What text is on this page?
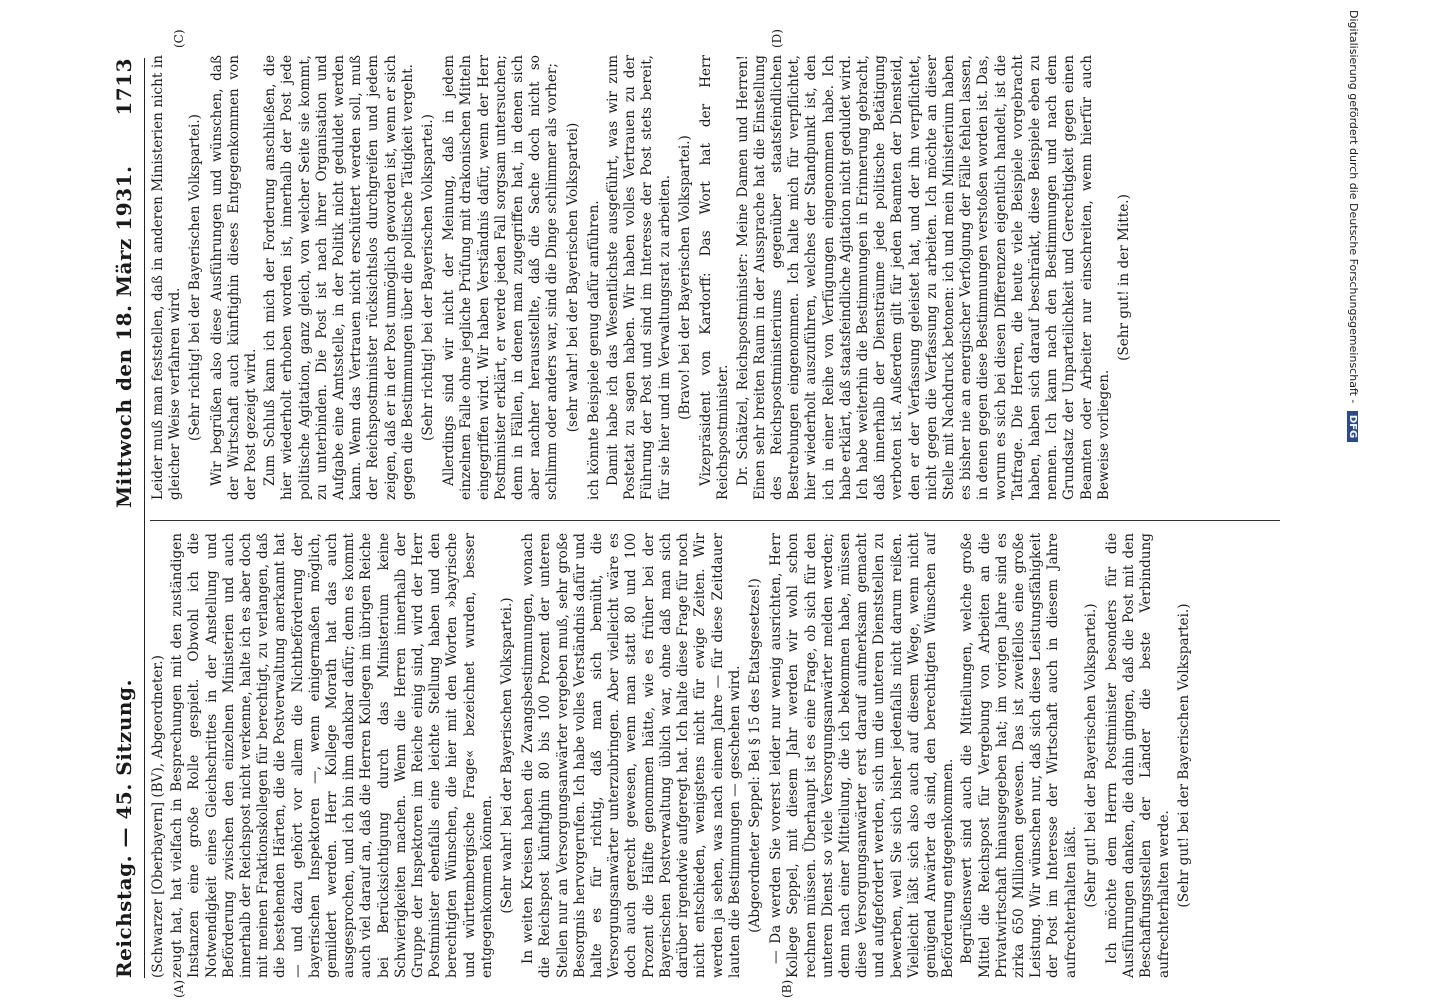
Reichstag. — 45. Sitzung.
Mittwoch den 18. März 1931.
1713
(A)	(B)
(C)	(D)

(Schwarzer [Oberbayern] (BV), Abgeordneter.) zeugt hat, hat vielfach in Besprechungen mit den zuständigen Instanzen eine große Rolle gespielt. Obwohl ich die Notwendigkeit eines Gleichschrittes in der Anstellung und Beförderung zwischen den einzelnen Ministerien und auch innerhalb der Reichspost nicht verkenne, halte ich es aber doch mit meinen Fraktionskollegen für berechtigt, zu verlangen, daß die bestehenden Härten, die die Postverwaltung anerkannt hat — und dazu gehört vor allem die Nichtbeförderung der bayerischen Inspektoren —, wenn einigermaßen möglich, gemildert werden. Herr Kollege Morath hat das auch ausgesprochen, und ich bin ihm dankbar dafür; denn es kommt auch viel darauf an, daß die Herren Kollegen im übrigen Reiche bei Berücksichtigung durch das Ministerium keine Schwierigkeiten machen. Wenn die Herren innerhalb der Gruppe der Inspektoren im Reiche einig sind, wird der Herr Postminister ebenfalls eine leichte Stellung haben und den berechtigten Wünschen, die hier mit den Worten »bayrische und württembergische Frage« bezeichnet wurden, besser entgegenkommen können. (Sehr wahr! bei der Bayerischen Volkspartei.) In weiten Kreisen haben die Zwangsbestimmungen, wonach die Reichspost künftighin 80 bis 100 Prozent der unteren Stellen nur an Versorgungsanwärter vergeben muß, sehr große Besorgnis hervorgerufen. Ich habe volles Verständnis dafür und halte es für richtig, daß man sich bemüht, die Versorgungsanwärter unterzubringen. Aber vielleicht wäre es doch auch gerecht gewesen, wenn man statt 80 und 100 Prozent die Hälfte genommen hätte, wie es früher bei der Bayerischen Postverwaltung üblich war, ohne daß man sich darüber irgendwie aufgeregt hat. Ich halte diese Frage für noch nicht entschieden, wenigstens nicht für ewige Zeiten. Wir werden ja sehen, was nach einem Jahre — für diese Zeitdauer lauten die Bestimmungen — geschehen wird. (Abgeordneter Seppel: Bei § 15 des Etatsgesetzes!) — Da werden Sie vorerst leider nur wenig ausrichten, Herr Kollege Seppel, mit diesem Jahr werden wir wohl schon rechnen müssen. Überhaupt ist es eine Frage, ob sich für den unteren Dienst so viele Versorgungsanwärter melden werden; denn nach einer Mitteilung, die ich bekommen habe, müssen diese Versorgungsanwärter erst darauf aufmerksam gemacht und aufgefordert werden, sich um die unteren Dienststellen zu bewerben, weil Sie sich bisher jedenfalls nicht darum reißen. Vielleicht läßt sich also auch auf diesem Wege, wenn nicht genügend Anwärter da sind, den berechtigten Wünschen auf Beförderung entgegenkommen. Begrüßenswert sind auch die Mitteilungen, welche große Mittel die Reichspost für Vergebung von Arbeiten an die Privatwirtschaft hinausgegeben hat; im vorigen Jahre sind es zirka 650 Millionen gewesen. Das ist zweifellos eine große Leistung. Wir wünschen nur, daß sich diese Leistungsfähigkeit der Post im Interesse der Wirtschaft auch in diesem Jahre aufrechterhalten läßt. (Sehr gut! bei der Bayerischen Volkspartei.) Ich möchte dem Herrn Postminister besonders für die Ausführungen danken, die dahin gingen, daß die Post mit den Beschaffungsstellen der Länder die beste Verbindung aufrechterhalten werde. (Sehr gut! bei der Bayerischen Volkspartei.)

Leider muß man feststellen, daß in anderen Ministerien nicht in gleicher Weise verfahren wird. (Sehr richtig! bei der Bayerischen Volkspartei.) Wir begrüßen also diese Ausführungen und wünschen, daß der Wirtschaft auch künftighin dieses Entgegenkommen von der Post gezeigt wird. Zum Schluß kann ich mich der Forderung anschließen, die hier wiederholt erhoben worden ist, innerhalb der Post jede politische Agitation, ganz gleich, von welcher Seite sie kommt, zu unterbinden. Die Post ist nach ihrer Organisation und Aufgabe eine Amtsstelle, in der Politik nicht geduldet werden kann. Wenn das Vertrauen nicht erschüttert werden soll, muß der Reichspostminister rücksichtslos durchgreifen und jedem zeigen, daß er in der Post unmöglich geworden ist, wenn er sich gegen die Bestimmungen über die politische Tätigkeit vergeht. (Sehr richtig! bei der Bayerischen Volkspartei.) Allerdings sind wir nicht der Meinung, daß in jedem einzelnen Falle ohne jegliche Prüfung mit drakonischen Mitteln eingegriffen wird. Wir haben Verständnis dafür, wenn der Herr Postminister erklärt, er werde jeden Fall sorgsam untersuchen; denn in Fällen, in denen man zugegriffen hat, in denen sich aber nachher herausstellte, daß die Sache doch nicht so schlimm oder anders war, sind die Dinge schlimmer als vorher; (sehr wahr! bei der Bayerischen Volkspartei) ich könnte Beispiele genug dafür anführen. Damit habe ich das Wesentlichste ausgeführt, was wir zum Postetat zu sagen haben. Wir haben volles Vertrauen zu der Führung der Post und sind im Interesse der Post stets bereit, für sie hier und im Verwaltungsrat zu arbeiten. (Bravo! bei der Bayerischen Volkspartei.) Vizepräsident von Kardorff: Das Wort hat der Herr Reichspostminister. Dr. Schätzel, Reichspostminister: Meine Damen und Herren! Einen sehr breiten Raum in der Aussprache hat die Einstellung des Reichspostministeriums gegenüber staatsfeindlichen Bestrebungen eingenommen. Ich halte mich für verpflichtet, hier wiederholt auszuführen, welches der Standpunkt ist, den ich in einer Reihe von Verfügungen eingenommen habe. Ich habe erklärt, daß staatsfeindliche Agitation nicht geduldet wird. Ich habe weiterhin die Bestimmungen in Erinnerung gebracht, daß innerhalb der Diensträume jede politische Betätigung verboten ist. Außerdem gilt für jeden Beamten der Diensteid, den er der Verfassung geleistet hat, und der ihn verpflichtet, nicht gegen die Verfassung zu arbeiten. Ich möchte an dieser Stelle mit Nachdruck betonen: ich und mein Ministerium haben es bisher nie an energischer Verfolgung der Fälle fehlen lassen, in denen gegen diese Bestimmungen verstoßen worden ist. Das, worum es sich bei diesen Differenzen eigentlich handelt, ist die Tatfrage. Die Herren, die heute viele Beispiele vorgebracht haben, haben sich darauf beschränkt, diese Beispiele eben zu nennen. Ich kann nach den Bestimmungen und nach dem Grundsatz der Unparteilichkeit und Gerechtigkeit gegen einen Beamten oder Arbeiter nur einschreiten, wenn hierfür auch Beweise vorliegen.

(Sehr gut! in der Mitte.)	Digitalisierung gefördert durch die Deutsche Forschungsgemeinschaft - DFG
